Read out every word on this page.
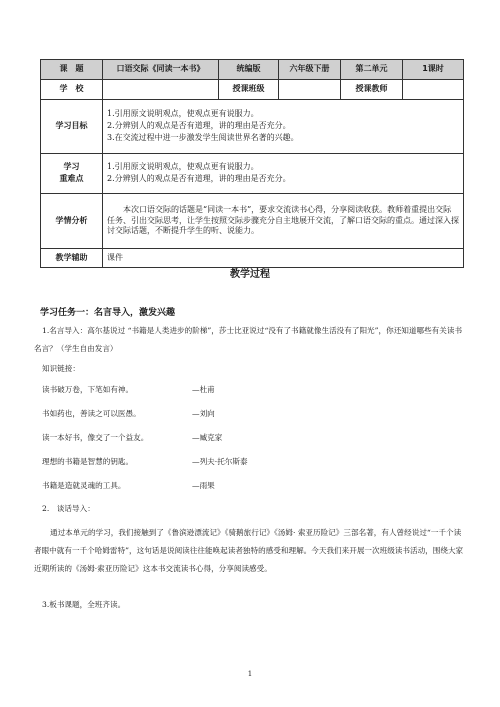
课　题	口语交际《同读一本书》	统编版	六年级下册	第二单元	1课时
学　校		授课班级		授课教师	
学习目标	1.引用原文说明观点，使观点更有说服力。
2.分辨别人的观点是否有道理，讲的理由是否充分。
3.在交流过程中进一步激发学生阅读世界名著的兴趣。				

学习
重难点	1.引用原文说明观点，使观点更有说服力。
2.分辨别人的观点是否有道理，讲的理由是否充分。				

学情分析	本次口语交际的话题是“同读一本书”，要求交流读书心得，分享阅读收获。教师着重提出交际任务、引出交际思考，让学生按照交际步骤充分自主地展开交流，了解口语交际的重点。通过深入探讨交际话题，不断提升学生的听、说能力。				

教学辅助	课件				
教学过程
学习任务一：名言导入，激发兴趣
1.名言导入：高尔基说过 “书籍是人类进步的阶梯”，莎士比亚说过“没有了书籍就像生活没有了阳光”，你还知道哪些有关读书名言？（学生自由发言）
知识链接：
读书破万卷，下笔如有神。	—杜甫
书如药也，善读之可以医愚。	—刘向
读一本好书，像交了一个益友。	—臧克家
理想的书籍是智慧的钥匙。	—列夫·托尔斯泰
书籍是造就灵魂的工具。	—雨果
2.　谈话导入：
通过本单元的学习，我们接触到了《鲁滨逊漂流记》《骑鹅旅行记》《汤姆· 索亚历险记》三部名著，有人曾经说过“一千个读者眼中就有一千个哈姆雷特”，这句话是说阅读往往能唤起读者独特的感受和理解。今天我们来开展一次班级读书活动，围绕大家近期所读的《汤姆·索亚历险记》这本书交流读书心得，分享阅读感受。
3.板书课题，全班齐读。
1
